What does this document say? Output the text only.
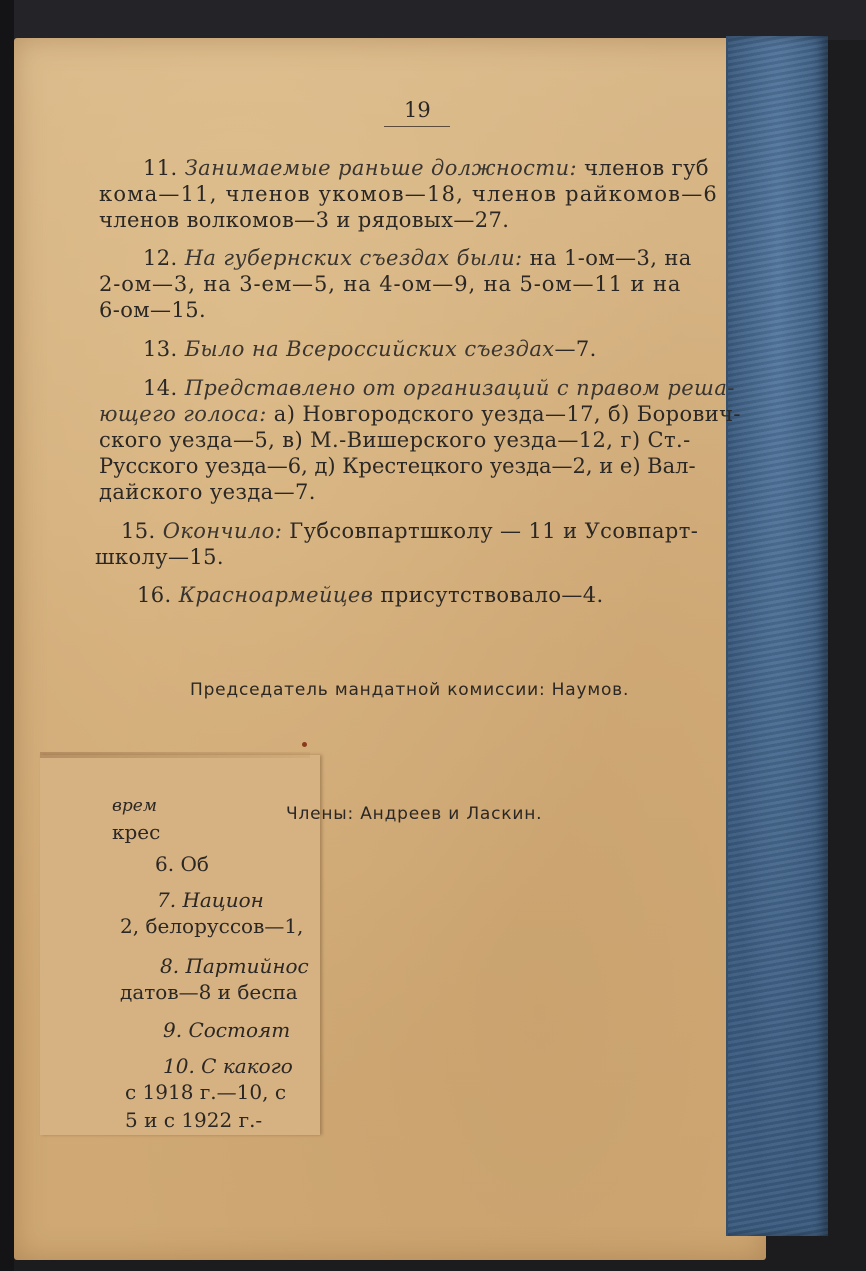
19
11. Занимаемые раньше должности: членов губ
кома—11, членов укомов—18, членов райкомов—6
членов волкомов—3 и рядовых—27.
12. На губернских съездах были: на 1-ом—3, на
2-ом—3, на 3-ем—5, на 4-ом—9, на 5-ом—11 и на
6-ом—15.
13. Было на Всероссийских съездах—7.
14. Представлено от организаций с правом реша-
ющего голоса: а) Новгородского уезда—17, б) Борович-
ского уезда—5, в) М.-Вишерского уезда—12, г) Ст.-
Русского уезда—6, д) Крестецкого уезда—2, и е) Вал-
дайского уезда—7.
15. Окончило: Губсовпартшколу — 11 и Усовпарт-
школу—15.
16. Красноармейцев присутствовало—4.
Председатель мандатной комиссии: Наумов.
врем
крес
6. Об
7. Национ
2, белоруссов—1,
8. Партийнос
датов—8 и беспа
9. Состоят
10. С какого
с 1918 г.—10, с
5 и с 1922 г.-
Члены: Андреев и Ласкин.
